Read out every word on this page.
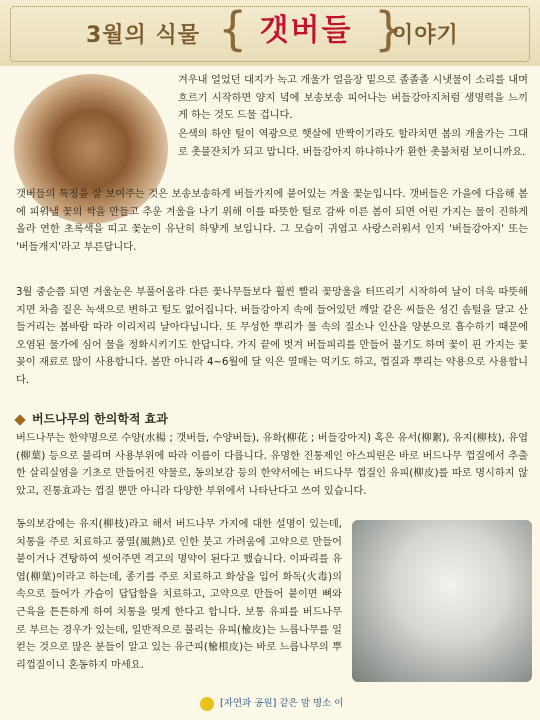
3월의 식물 { 갯버들 }
이야기

겨우내 얼었던 대지가 녹고 개울가 얼음장 밑으로 졸졸졸 시냇물이 소리를 내며 흐르기 시작하면 양지 녘에 보송보송 피어나는 버들강아지처럼 생명력을 느끼게 하는 것도 드물 겁니다.

은색의 하얀 털이 역광으로 햇살에 반짝이기라도 할라치면 봄의 개울가는 그대로 촛불잔치가 되고 맙니다. 버들강아지 하나하나가 환한 촛불처럼 보이니까요.

갯버들의 특징을 잘 보여주는 것은 보송보송하게 버들가지에 붙어있는 겨울 꽃눈입니다. 갯버들은 가을에 다음해 봄에 피워낼 꽃의 싹을 만들고 추운 겨울을 나기 위해 이를 따뜻한 털로 감싸 이른 봄이 되면 어린 가지는 물이 진하게 올라 연한 초록색을 띠고 꽃눈이 유난히 하얗게 보입니다. 그 모습이 귀엽고 사랑스러워서 인지 '버들강아지' 또는 '버들개지'라고 부른답니다.

3월 중순쯤 되면 겨울눈은 부풀어올라 다른 꽃나무들보다 훨씬 빨리 꽃망울을 터뜨리기 시작하여 날이 더욱 따뜻해지면 차츰 짙은 녹색으로 변하고 털도 없어집니다. 버들강아지 속에 들어있던 깨알 같은 씨들은 성긴 솜털을 달고 산들거리는 봄바람 따라 이리저리 날아다닙니다. 또 무성한 뿌리가 물 속의 질소나 인산을 양분으로 흡수하기 때문에 오염된 물가에 심어 물을 정화시키기도 한답니다. 가지 끝에 벗겨 버들피리를 만들어 불기도 하며 꽃이 핀 가지는 꽃꽂이 재료로 많이 사용합니다. 봄만 아니라 4~6월에 달 익은 열매는 먹기도 하고, 껍질과 뿌리는 약용으로 사용합니다.

버드나무의 한의학적 효과

버드나무는 한약명으로 수양(水楊 ; 갯버들, 수양버들), 유화(柳花 ; 버들강아지) 혹은 유서(柳絮), 유지(柳枝), 유엽(柳葉) 등으로 불리며 사용부위에 따라 이름이 다릅니다. 유명한 진통제인 아스피린은 바로 버드나무 껍질에서 추출한 살리실염을 기초로 만들어진 약물로, 동의보감 등의 한약서에는 버드나무 껍질인 유피(柳皮)를 따로 명시하지 않았고, 진통효과는 껍질 뿐만 아니라 다양한 부위에서 나타난다고 쓰여 있습니다.

동의보감에는 유지(柳枝)라고 해서 버드나무 가지에 대한 설명이 있는데, 치통을 주로 치료하고 풍열(風熱)로 인한 붓고 가려움에 고약으로 만들어 붙이거나 견탕하여 씻어주면 격고의 명약이 된다고 했습니다. 이파리를 유엽(柳葉)이라고 하는데, 종기를 주로 치료하고 화상을 입어 화독(火毒)의 속으로 들어가 가슴이 답답함을 치료하고, 고약으로 만들어 붙이면 뼈와 근육을 튼튼하게 하여 치통을 멎게 한다고 합니다. 보통 유피를 버드나무로 부르는 경우가 있는데, 일반적으로 불리는 유피(楡皮)는 느릅나무를 일컫는 것으로 많은 분들이 알고 있는 유근피(楡根皮)는 바로 느릅나무의 뿌리껍질이니 혼동하지 마세요.

[자연과 공원] 같은 맘 명소 이
